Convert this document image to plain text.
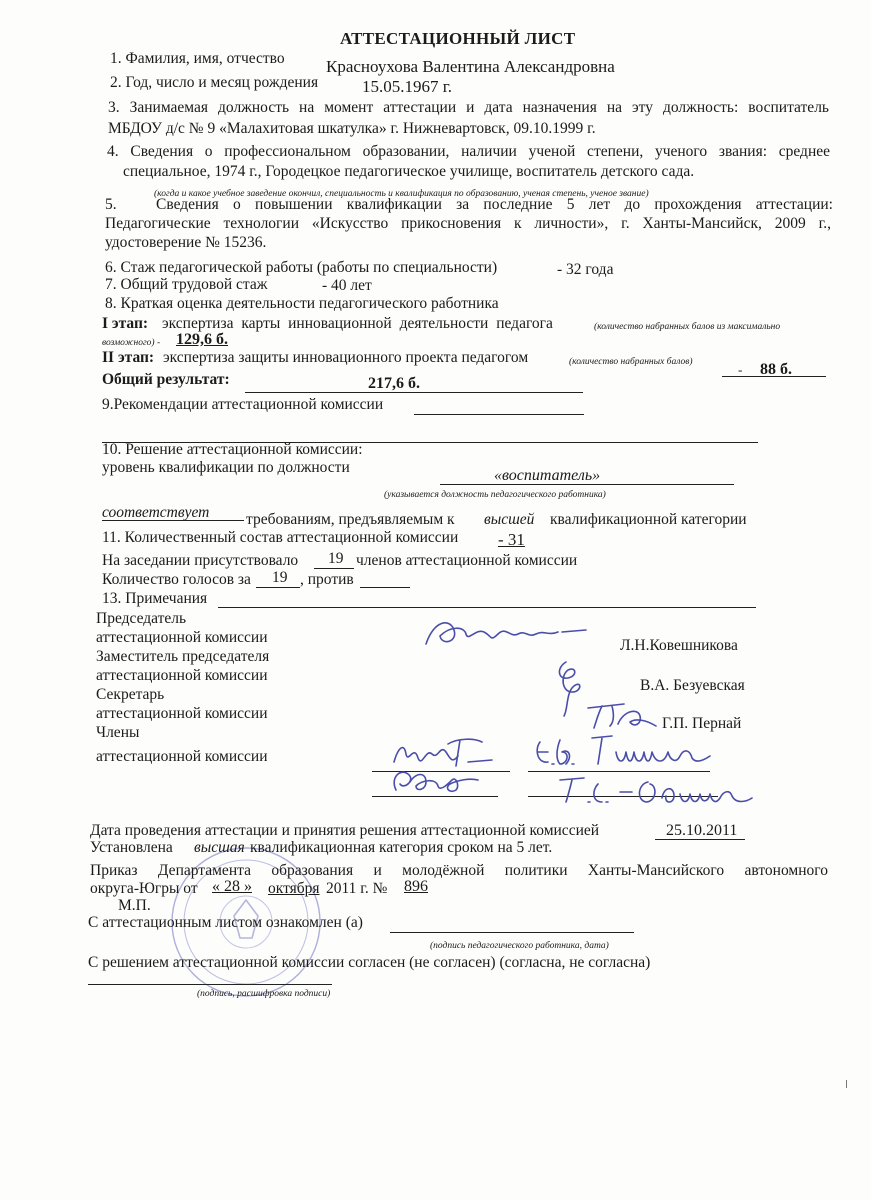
АТТЕСТАЦИОННЫЙ ЛИСТ
1. Фамилия, имя, отчество Красноухова Валентина Александровна
2. Год, число и месяц рождения	15.05.1967 г.
3. Занимаемая должность на момент аттестации и дата назначения на эту должность: воспитатель
МБДОУ д/с № 9 «Малахитовая шкатулка» г. Нижневартовск, 09.10.1999 г.
4. Сведения о профессиональном образовании, наличии ученой степени, ученого звания: среднее
специальное, 1974 г., Городецкое педагогическое училище, воспитатель детского сада.
(когда и какое учебное заведение окончил, специальность и квалификация по образованию, ученая степень, ученое звание)
5.	Сведения о повышении квалификации за последние 5 лет до прохождения аттестации:
Педагогические технологии «Искусство прикосновения к личности», г. Ханты-Мансийск, 2009 г.,
удостоверение № 15236.
6. Стаж педагогической работы (работы по специальности)	- 32 года
7. Общий трудовой стаж	- 40 лет
8. Краткая оценка деятельности педагогического работника
I этап: экспертиза карты инновационной деятельности педагога	(количество набранных балов из максимально
возможного) - 129,6 б.
II этап: экспертиза защиты инновационного проекта педагогом	(количество набранных балов)	- 88 б.
Общий результат:	217,6 б.
9.Рекомендации аттестационной комиссии
10. Решение аттестационной комиссии:
уровень квалификации по должности	«воспитатель»
(указывается должность педагогического работника)
соответствует требованиям, предъявляемым к высшей квалификационной категории
11. Количественный состав аттестационной комиссии - 31
На заседании присутствовало 19 членов аттестационной комиссии
Количество голосов за 19 , против
13. Примечания
Председатель
аттестационной комиссии	Л.Н.Ковешникова
Заместитель председателя
аттестационной комиссии
В.А. Безуевская
Секретарь
аттестационной комиссии
Г.П. Пернай
Члены
аттестационной комиссии
Дата проведения аттестации и принятия решения аттестационной комиссией	25.10.2011
Установлена высшая квалификационная категория сроком на 5 лет.
Приказ Департамента образования и молодёжной политики Ханты-Мансийского автономного
округа-Югры от « 28 » октября 2011 г. № 896
М.П.
С аттестационным листом ознакомлен (а)
(подпись педагогического работника, дата)
С решением аттестационной комиссии согласен (не согласен) (согласна, не согласна)
(подпись, расшифровка подписи)
